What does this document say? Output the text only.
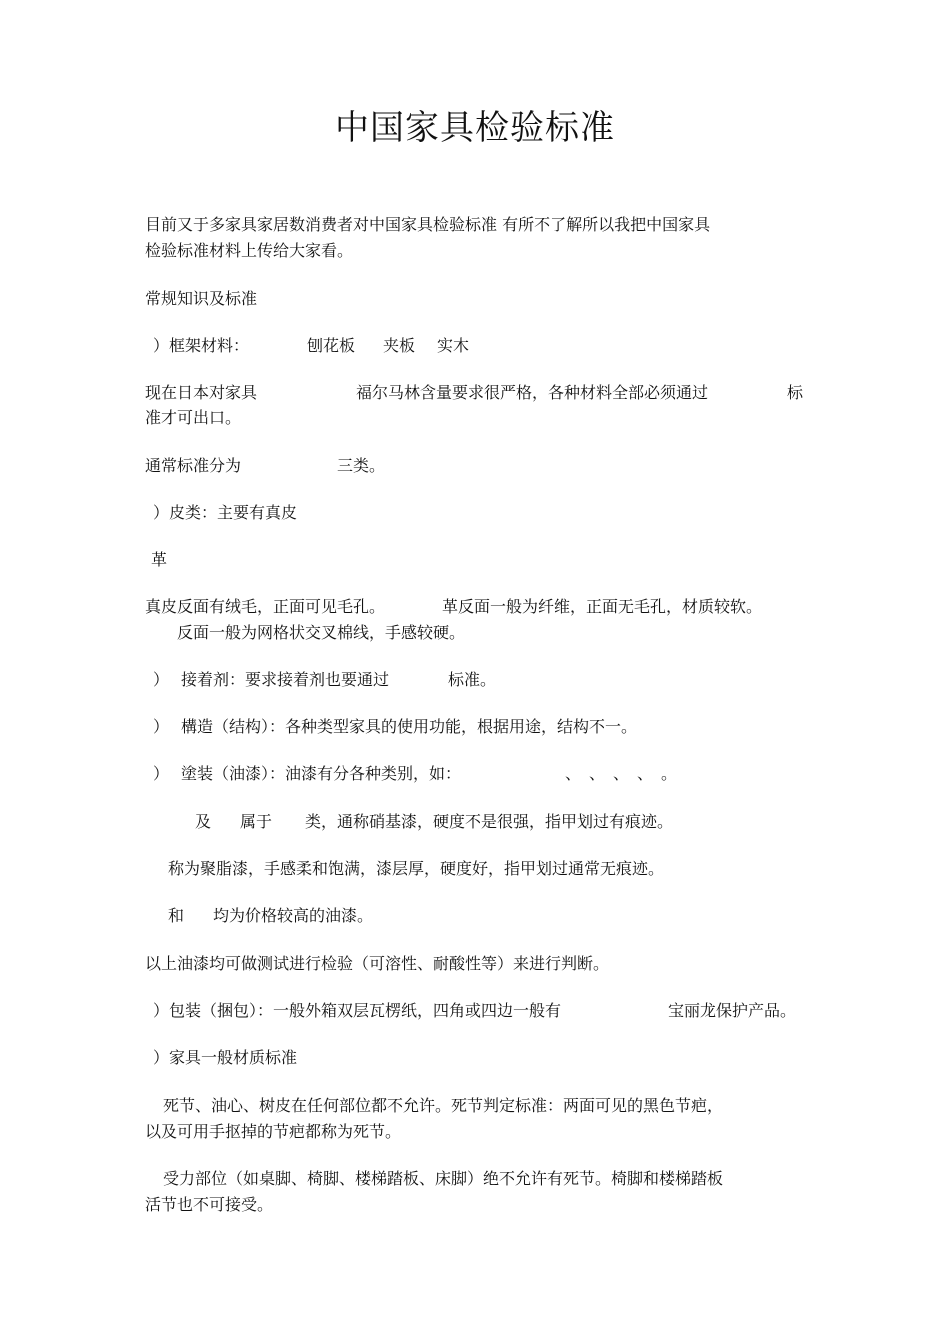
中国家具检验标准
目前又于多家具家居数消费者对中国家具检验标准 有所不了解所以我把中国家具
检验标准材料上传给大家看。
常规知识及标准
）框架材料：	刨花板 夹板 实木
现在日本对家具	福尔马林含量要求很严格，各种材料全部必须通过	标
准才可出口。
通常标准分为	三类。
）皮类：主要有真皮
革
真皮反面有绒毛，正面可见毛孔。	革反面一般为纤维，正面无毛孔，材质较软。
反面一般为网格状交叉棉线，手感较硬。
） 接着剂：要求接着剂也要通过	标准。
） 構造（结构）：各种类型家具的使用功能，根据用途，结构不一。
） 塗装（油漆）：油漆有分各种类别，如：	、　、　、　、　。
及 属于 类，通称硝基漆，硬度不是很强，指甲划过有痕迹。
称为聚脂漆，手感柔和饱满，漆层厚，硬度好，指甲划过通常无痕迹。
和 均为价格较高的油漆。
以上油漆均可做测试进行检验（可溶性、耐酸性等）来进行判断。
）包装（捆包）：一般外箱双层瓦楞纸，四角或四边一般有	宝丽龙保护产品。
）家具一般材质标准
死节、油心、树皮在任何部位都不允许。死节判定标准：两面可见的黑色节疤，
以及可用手抠掉的节疤都称为死节。
受力部位（如桌脚、椅脚、楼梯踏板、床脚）绝不允许有死节。椅脚和楼梯踏板
活节也不可接受。
